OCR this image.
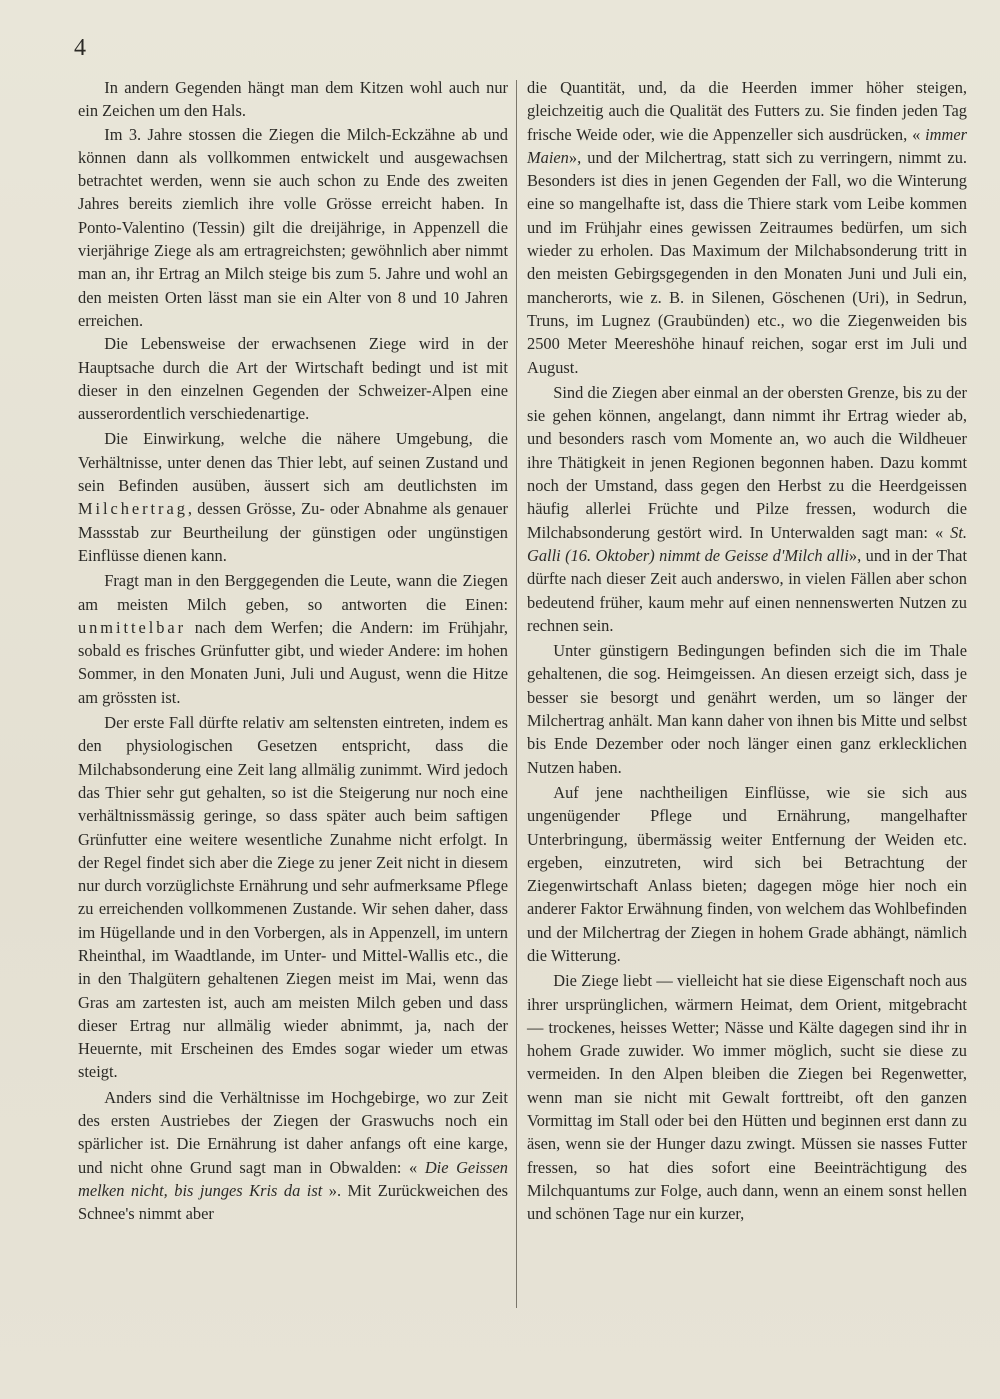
4

In andern Gegenden hängt man dem Kitzen wohl auch nur ein Zeichen um den Hals.

Im 3. Jahre stossen die Ziegen die Milch-Eckzähne ab und können dann als vollkommen entwickelt und ausgewachsen betrachtet werden, wenn sie auch schon zu Ende des zweiten Jahres bereits ziemlich ihre volle Grösse erreicht haben. In Ponto-Valentino (Tessin) gilt die dreijährige, in Appenzell die vierjährige Ziege als am ertragreichsten; gewöhnlich aber nimmt man an, ihr Ertrag an Milch steige bis zum 5. Jahre und wohl an den meisten Orten lässt man sie ein Alter von 8 und 10 Jahren erreichen.

Die Lebensweise der erwachsenen Ziege wird in der Hauptsache durch die Art der Wirtschaft bedingt und ist mit dieser in den einzelnen Gegenden der Schweizer-Alpen eine ausserordentlich verschiedenartige.

Die Einwirkung, welche die nähere Umgebung, die Verhältnisse, unter denen das Thier lebt, auf seinen Zustand und sein Befinden ausüben, äussert sich am deutlichsten im Milchertrag, dessen Grösse, Zu- oder Abnahme als genauer Massstab zur Beurtheilung der günstigen oder ungünstigen Einflüsse dienen kann.

Fragt man in den Berggegenden die Leute, wann die Ziegen am meisten Milch geben, so antworten die Einen: unmittelbar nach dem Werfen; die Andern: im Frühjahr, sobald es frisches Grünfutter gibt, und wieder Andere: im hohen Sommer, in den Monaten Juni, Juli und August, wenn die Hitze am grössten ist.

Der erste Fall dürfte relativ am seltensten eintreten, indem es den physiologischen Gesetzen entspricht, dass die Milchabsonderung eine Zeit lang allmälig zunimmt. Wird jedoch das Thier sehr gut gehalten, so ist die Steigerung nur noch eine verhältnissmässig geringe, so dass später auch beim saftigen Grünfutter eine weitere wesentliche Zunahme nicht erfolgt. In der Regel findet sich aber die Ziege zu jener Zeit nicht in diesem nur durch vorzüglichste Ernährung und sehr aufmerksame Pflege zu erreichenden vollkommenen Zustande. Wir sehen daher, dass im Hügellande und in den Vorbergen, als in Appenzell, im untern Rheinthal, im Waadtlande, im Unter- und Mittel-Wallis etc., die in den Thalgütern gehaltenen Ziegen meist im Mai, wenn das Gras am zartesten ist, auch am meisten Milch geben und dass dieser Ertrag nur allmälig wieder abnimmt, ja, nach der Heuernte, mit Erscheinen des Emdes sogar wieder um etwas steigt.

Anders sind die Verhältnisse im Hochgebirge, wo zur Zeit des ersten Austriebes der Ziegen der Graswuchs noch ein spärlicher ist. Die Ernährung ist daher anfangs oft eine karge, und nicht ohne Grund sagt man in Obwalden: « Die Geissen melken nicht, bis junges Kris da ist ». Mit Zurückweichen des Schnee's nimmt aber

die Quantität, und, da die Heerden immer höher steigen, gleichzeitig auch die Qualität des Futters zu. Sie finden jeden Tag frische Weide oder, wie die Appenzeller sich ausdrücken, « immer Maien», und der Milchertrag, statt sich zu verringern, nimmt zu. Besonders ist dies in jenen Gegenden der Fall, wo die Winterung eine so mangelhafte ist, dass die Thiere stark vom Leibe kommen und im Frühjahr eines gewissen Zeitraumes bedürfen, um sich wieder zu erholen. Das Maximum der Milchabsonderung tritt in den meisten Gebirgsgegenden in den Monaten Juni und Juli ein, mancherorts, wie z. B. in Silenen, Göschenen (Uri), in Sedrun, Truns, im Lugnez (Graubünden) etc., wo die Ziegenweiden bis 2500 Meter Meereshöhe hinauf reichen, sogar erst im Juli und August.

Sind die Ziegen aber einmal an der obersten Grenze, bis zu der sie gehen können, angelangt, dann nimmt ihr Ertrag wieder ab, und besonders rasch vom Momente an, wo auch die Wildheuer ihre Thätigkeit in jenen Regionen begonnen haben. Dazu kommt noch der Umstand, dass gegen den Herbst zu die Heerdgeissen häufig allerlei Früchte und Pilze fressen, wodurch die Milchabsonderung gestört wird. In Unterwalden sagt man: « St. Galli (16. Oktober) nimmt de Geisse d'Milch alli», und in der That dürfte nach dieser Zeit auch anderswo, in vielen Fällen aber schon bedeutend früher, kaum mehr auf einen nennenswerten Nutzen zu rechnen sein.

Unter günstigern Bedingungen befinden sich die im Thale gehaltenen, die sog. Heimgeissen. An diesen erzeigt sich, dass je besser sie besorgt und genährt werden, um so länger der Milchertrag anhält. Man kann daher von ihnen bis Mitte und selbst bis Ende Dezember oder noch länger einen ganz erklecklichen Nutzen haben.

Auf jene nachtheiligen Einflüsse, wie sie sich aus ungenügender Pflege und Ernährung, mangelhafter Unterbringung, übermässig weiter Entfernung der Weiden etc. ergeben, einzutreten, wird sich bei Betrachtung der Ziegenwirtschaft Anlass bieten; dagegen möge hier noch ein anderer Faktor Erwähnung finden, von welchem das Wohlbefinden und der Milchertrag der Ziegen in hohem Grade abhängt, nämlich die Witterung.

Die Ziege liebt — vielleicht hat sie diese Eigenschaft noch aus ihrer ursprünglichen, wärmern Heimat, dem Orient, mitgebracht — trockenes, heisses Wetter; Nässe und Kälte dagegen sind ihr in hohem Grade zuwider. Wo immer möglich, sucht sie diese zu vermeiden. In den Alpen bleiben die Ziegen bei Regenwetter, wenn man sie nicht mit Gewalt forttreibt, oft den ganzen Vormittag im Stall oder bei den Hütten und beginnen erst dann zu äsen, wenn sie der Hunger dazu zwingt. Müssen sie nasses Futter fressen, so hat dies sofort eine Beeinträchtigung des Milchquantums zur Folge, auch dann, wenn an einem sonst hellen und schönen Tage nur ein kurzer,
